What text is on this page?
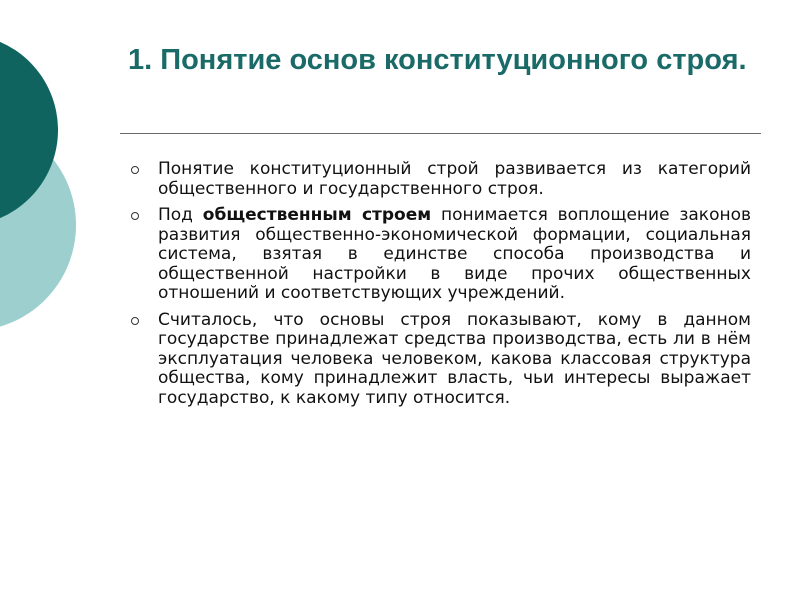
1. Понятие основ конституционного строя.
Понятие конституционный строй развивается из категорий общественного и государственного строя.
Под общественным строем понимается воплощение законов развития общественно-экономической формации, социальная система, взятая в единстве способа производства и общественной настройки в виде прочих общественных отношений и соответствующих учреждений.
Считалось, что основы строя показывают, кому в данном государстве принадлежат средства производства, есть ли в нём эксплуатация человека человеком, какова классовая структура общества, кому принадлежит власть, чьи интересы выражает государство, к какому типу относится.
